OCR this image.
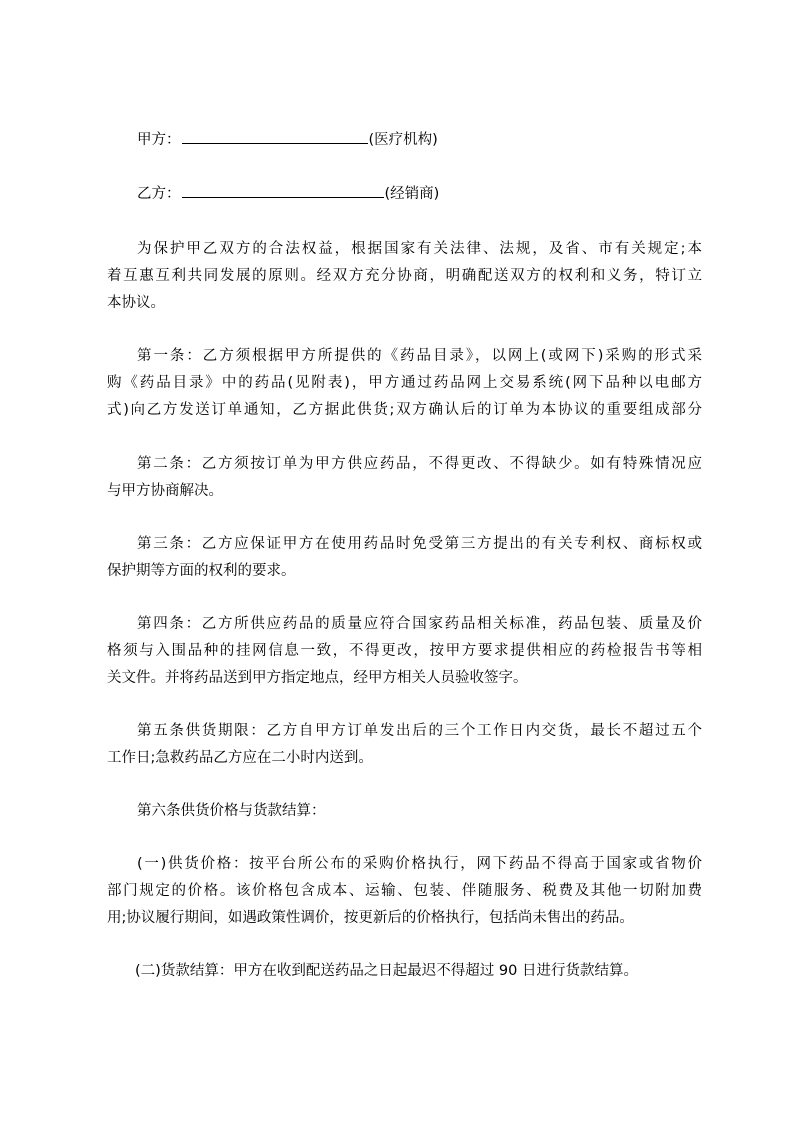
甲方：	(医疗机构)
乙方：	(经销商)
为保护甲乙双方的合法权益，根据国家有关法律、法规，及省、市有关规定;本
着互惠互利共同发展的原则。经双方充分协商，明确配送双方的权利和义务，特订立
本协议。
第一条：乙方须根据甲方所提供的《药品目录》，以网上(或网下)采购的形式采
购《药品目录》中的药品(见附表)，甲方通过药品网上交易系统(网下品种以电邮方
式)向乙方发送订单通知，乙方据此供货;双方确认后的订单为本协议的重要组成部分
第二条：乙方须按订单为甲方供应药品，不得更改、不得缺少。如有特殊情况应
与甲方协商解决。
第三条：乙方应保证甲方在使用药品时免受第三方提出的有关专利权、商标权或
保护期等方面的权利的要求。
第四条：乙方所供应药品的质量应符合国家药品相关标准，药品包装、质量及价
格须与入围品种的挂网信息一致，不得更改，按甲方要求提供相应的药检报告书等相
关文件。并将药品送到甲方指定地点，经甲方相关人员验收签字。
第五条供货期限：乙方自甲方订单发出后的三个工作日内交货，最长不超过五个
工作日;急救药品乙方应在二小时内送到。
第六条供货价格与货款结算：
(一)供货价格：按平台所公布的采购价格执行，网下药品不得高于国家或省物价
部门规定的价格。该价格包含成本、运输、包装、伴随服务、税费及其他一切附加费
用;协议履行期间，如遇政策性调价，按更新后的价格执行，包括尚未售出的药品。
(二)货款结算：甲方在收到配送药品之日起最迟不得超过 90 日进行货款结算。
